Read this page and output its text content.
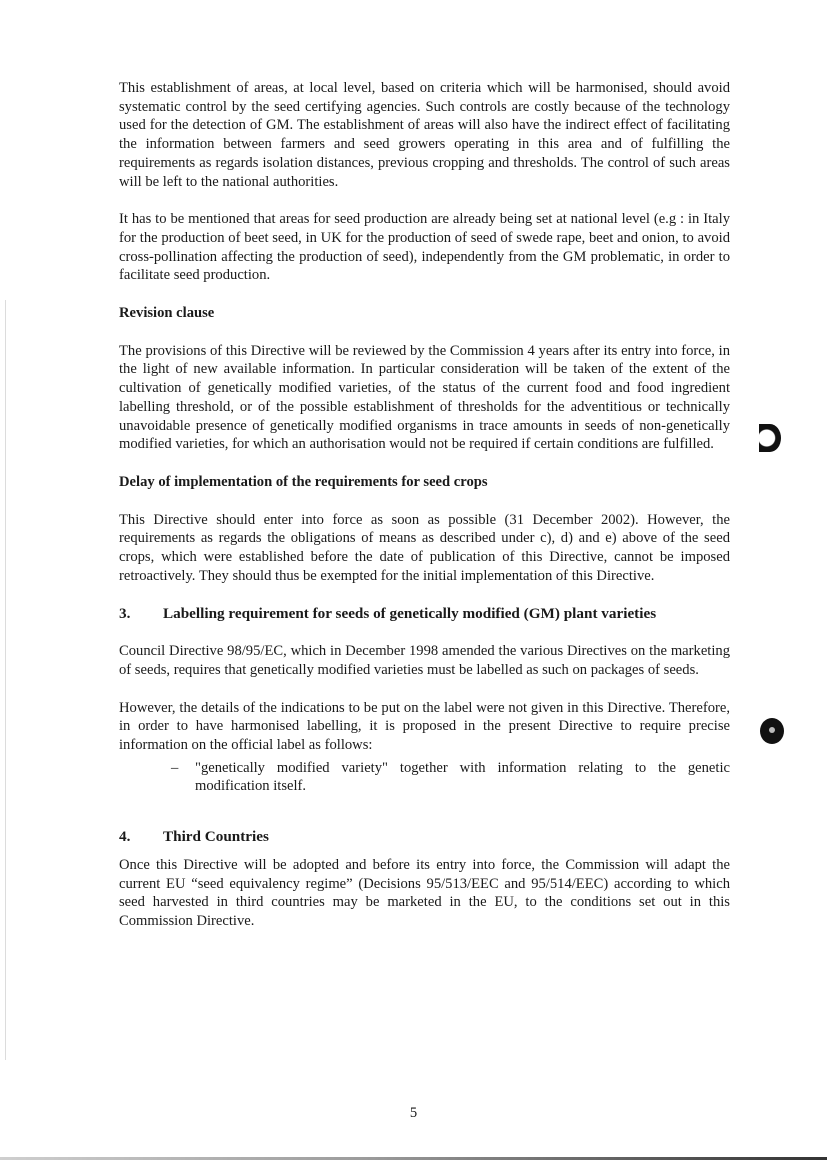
This establishment of areas, at local level, based on criteria which will be harmonised, should avoid systematic control by the seed certifying agencies. Such controls are costly because of the technology used for the detection of GM. The establishment of areas will also have the indirect effect of facilitating the information between farmers and seed growers operating in this area and of fulfilling the requirements as regards isolation distances, previous cropping and thresholds. The control of such areas will be left to the national authorities.

It has to be mentioned that areas for seed production are already being set at national level (e.g : in Italy for the production of beet seed, in UK for the production of seed of swede rape, beet and onion, to avoid cross-pollination affecting the production of seed), independently from the GM problematic, in order to facilitate seed production.

Revision clause

The provisions of this Directive will be reviewed by the Commission 4 years after its entry into force, in the light of new available information. In particular consideration will be taken of the extent of the cultivation of genetically modified varieties, of the status of the current food and food ingredient labelling threshold, or of the possible establishment of thresholds for the adventitious or technically unavoidable presence of genetically modified organisms in trace amounts in seeds of non-genetically modified varieties, for which an authorisation would not be required if certain conditions are fulfilled.

Delay of implementation of the requirements for seed crops

This Directive should enter into force as soon as possible (31 December 2002). However, the requirements as regards the obligations of means as described under c), d) and e) above of the seed crops, which were established before the date of publication of this Directive, cannot be imposed retroactively. They should thus be exempted for the initial implementation of this Directive.

3.	Labelling requirement for seeds of genetically modified (GM) plant varieties

Council Directive 98/95/EC, which in December 1998 amended the various Directives on the marketing of seeds, requires that genetically modified varieties must be labelled as such on packages of seeds.

However, the details of the indications to be put on the label were not given in this Directive. Therefore, in order to have harmonised labelling, it is proposed in the present Directive to require precise information on the official label as follows:

–	"genetically modified variety" together with information relating to the genetic modification itself.
4.	Third Countries

Once this Directive will be adopted and before its entry into force, the Commission will adapt the current EU “seed equivalency regime” (Decisions 95/513/EEC and 95/514/EEC) according to which seed harvested in third countries may be marketed in the EU, to the conditions set out in this Commission Directive.

5
